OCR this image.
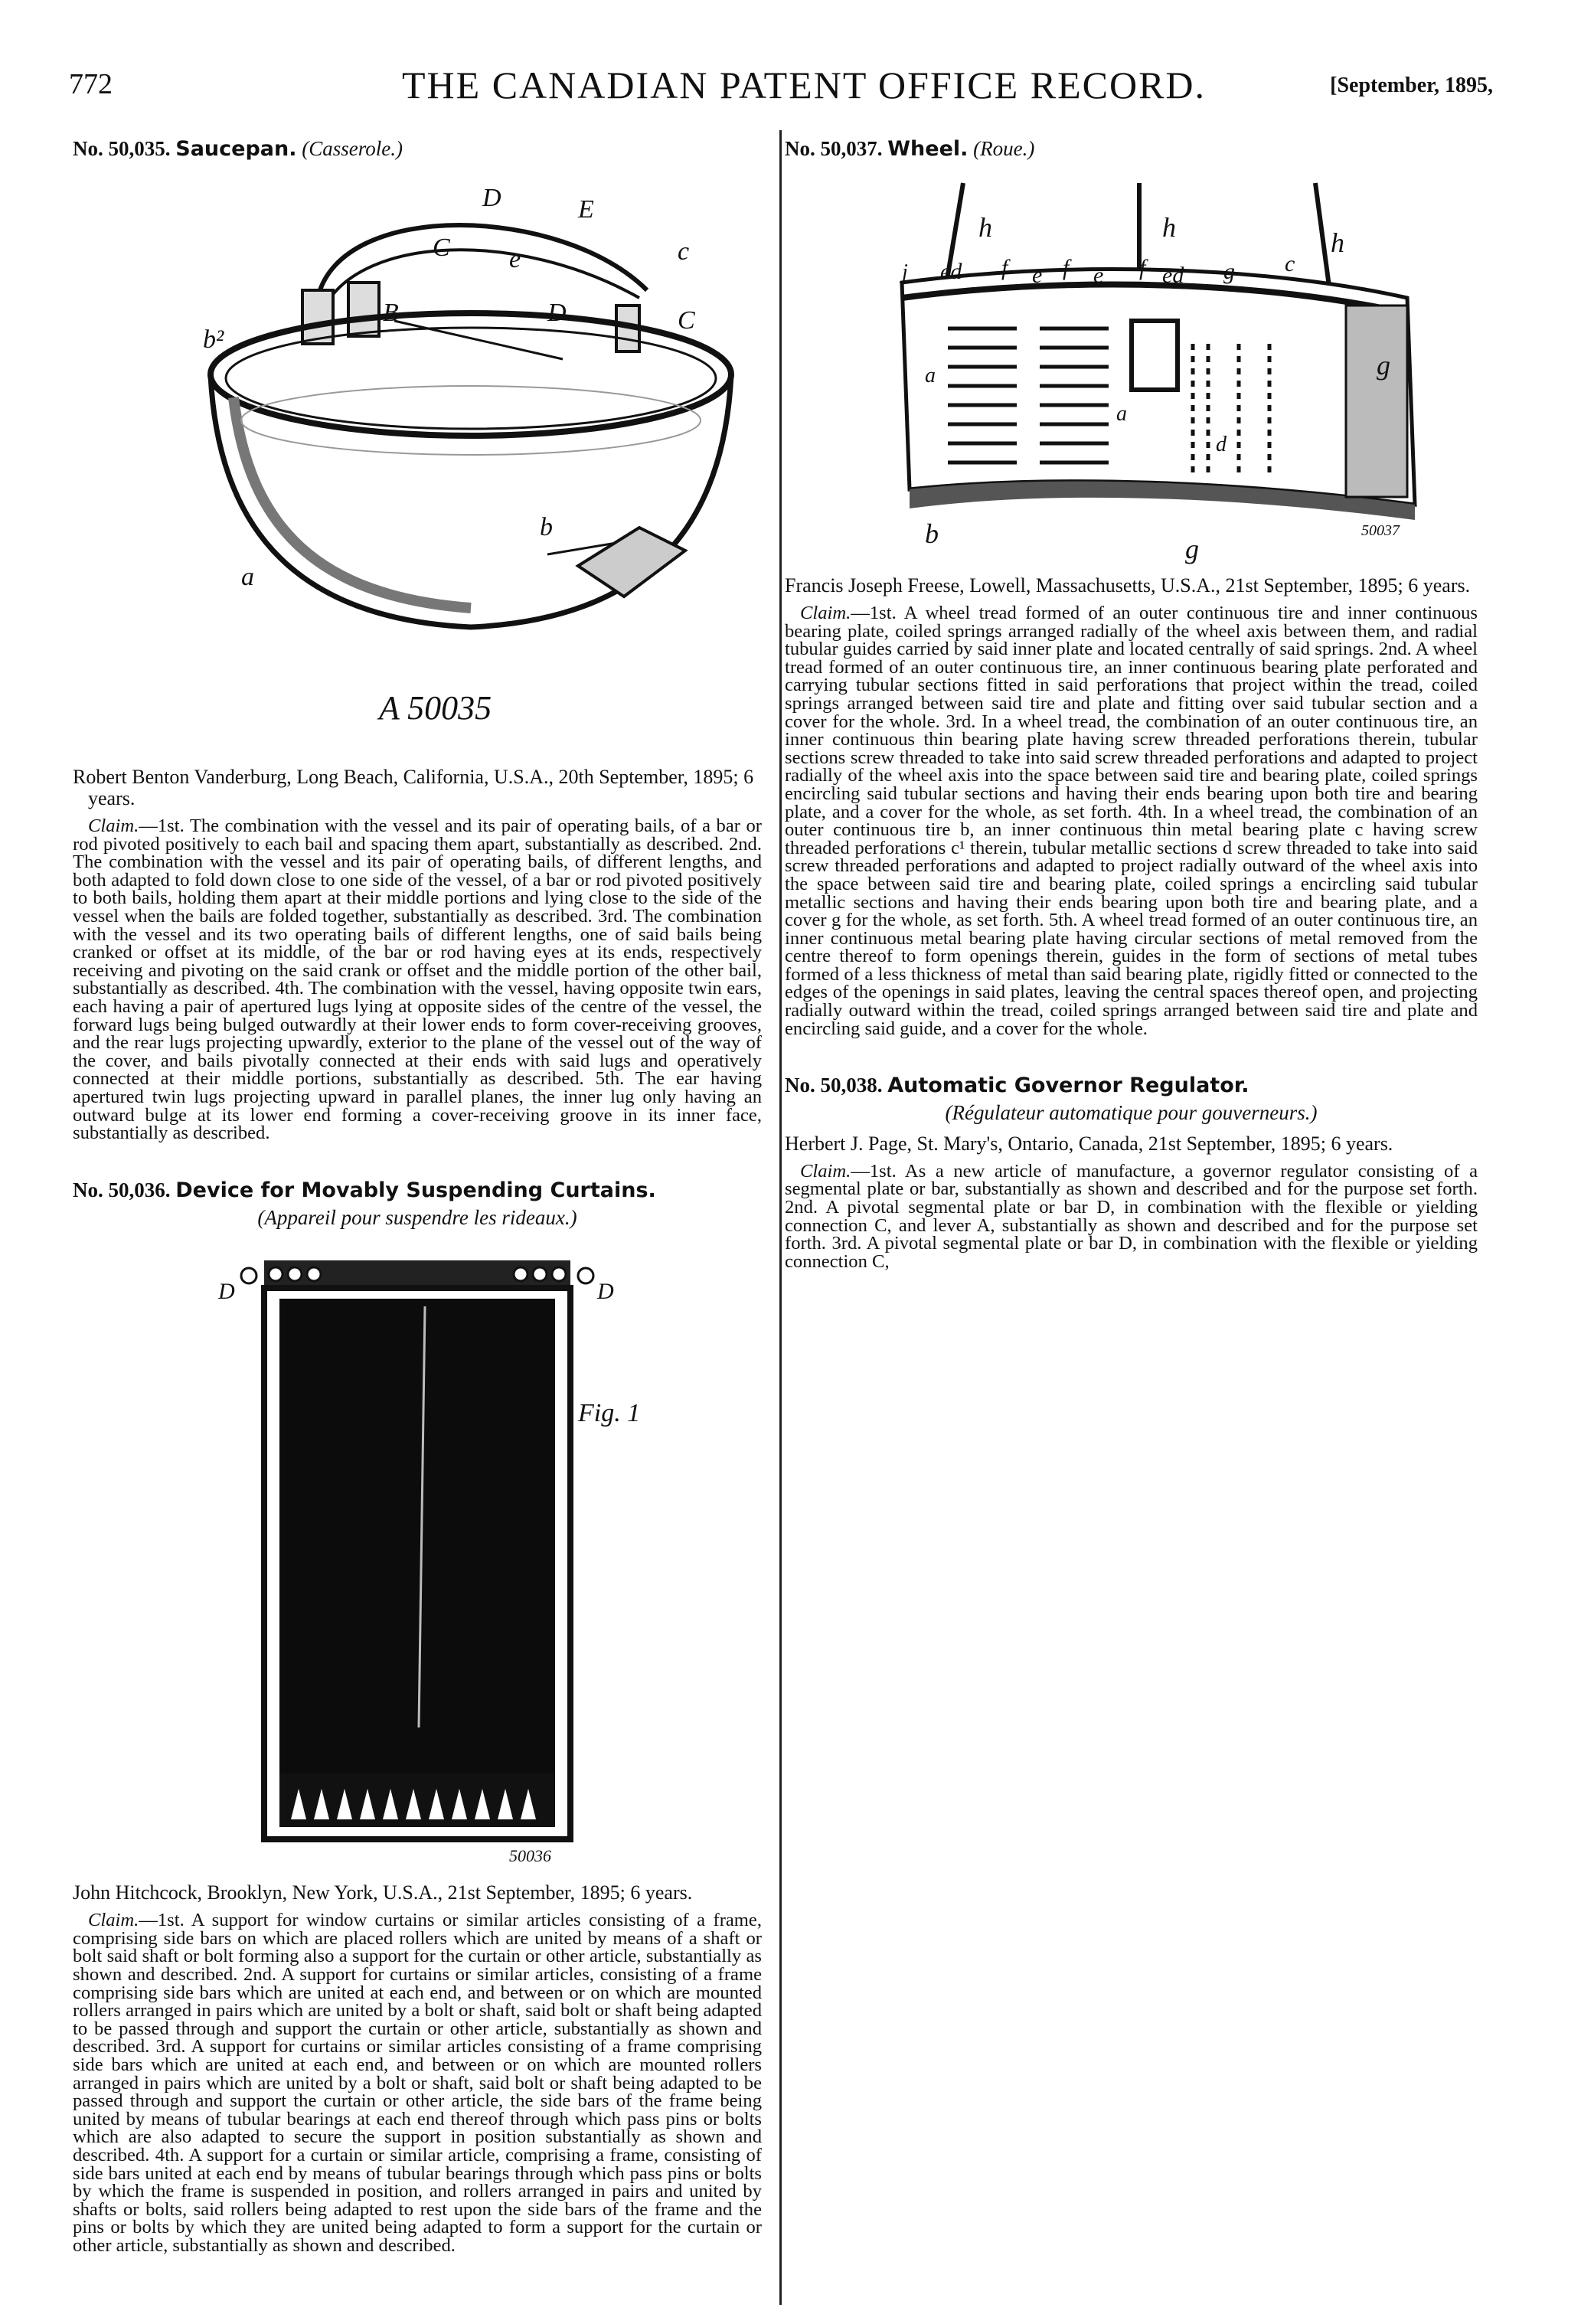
772	THE CANADIAN PATENT OFFICE RECORD.	[September, 1895,
No. 50,035. Saucepan. (Casserole.)
D	E
C e	c
b²
B	D	C
b
a
A 50035

Robert Benton Vanderburg, Long Beach, California, U.S.A., 20th September, 1895; 6 years.

Claim.—1st. The combination with the vessel and its pair of operating bails, of a bar or rod pivoted positively to each bail and spacing them apart, substantially as described. 2nd. The combination with the vessel and its pair of operating bails, of different lengths, and both adapted to fold down close to one side of the vessel, of a bar or rod pivoted positively to both bails, holding them apart at their middle portions and lying close to the side of the vessel when the bails are folded together, substantially as described. 3rd. The combination with the vessel and its two operating bails of different lengths, one of said bails being cranked or offset at its middle, of the bar or rod having eyes at its ends, respectively receiving and pivoting on the said crank or offset and the middle portion of the other bail, substantially as described. 4th. The combination with the vessel, having opposite twin ears, each having a pair of apertured lugs lying at opposite sides of the centre of the vessel, the forward lugs being bulged outwardly at their lower ends to form cover-receiving grooves, and the rear lugs projecting upwardly, exterior to the plane of the vessel out of the way of the cover, and bails pivotally connected at their ends with said lugs and operatively connected at their middle portions, substantially as described. 5th. The ear having apertured twin lugs projecting upward in parallel planes, the inner lug only having an outward bulge at its lower end forming a cover-receiving groove in its inner face, substantially as described.

No. 50,036. Device for Movably Suspending Curtains.
(Appareil pour suspendre les rideaux.)
D	D
Fig. 1
50036

John Hitchcock, Brooklyn, New York, U.S.A., 21st September, 1895; 6 years.

Claim.—1st. A support for window curtains or similar articles consisting of a frame, comprising side bars on which are placed rollers which are united by means of a shaft or bolt said shaft or bolt forming also a support for the curtain or other article, substantially as shown and described. 2nd. A support for curtains or similar articles, consisting of a frame comprising side bars which are united at each end, and between or on which are mounted rollers arranged in pairs which are united by a bolt or shaft, said bolt or shaft being adapted to be passed through and support the curtain or other article, substantially as shown and described. 3rd. A support for curtains or similar articles consisting of a frame comprising side bars which are united at each end, and between or on which are mounted rollers arranged in pairs which are united by a bolt or shaft, said bolt or shaft being adapted to be passed through and support the curtain or other article, the side bars of the frame being united by means of tubular bearings at each end thereof through which pass pins or bolts which are also adapted to secure the support in position substantially as shown and described. 4th. A support for a curtain or similar article, comprising a frame, consisting of side bars united at each end by means of tubular bearings through which pass pins or bolts by which the frame is suspended in position, and rollers arranged in pairs and united by shafts or bolts, said rollers being adapted to rest upon the side bars of the frame and the pins or bolts by which they are united being adapted to form a support for the curtain or other article, substantially as shown and described.

No. 50,037. Wheel. (Roue.)
h	h	h
j ed f e f e f ed g c
g
a
a
d
b	g
50037

Francis Joseph Freese, Lowell, Massachusetts, U.S.A., 21st September, 1895; 6 years.

Claim.—1st. A wheel tread formed of an outer continuous tire and inner continuous bearing plate, coiled springs arranged radially of the wheel axis between them, and radial tubular guides carried by said inner plate and located centrally of said springs. 2nd. A wheel tread formed of an outer continuous tire, an inner continuous bearing plate perforated and carrying tubular sections fitted in said perforations that project within the tread, coiled springs arranged between said tire and plate and fitting over said tubular section and a cover for the whole. 3rd. In a wheel tread, the combination of an outer continuous tire, an inner continuous thin bearing plate having screw threaded perforations therein, tubular sections screw threaded to take into said screw threaded perforations and adapted to project radially of the wheel axis into the space between said tire and bearing plate, coiled springs encircling said tubular sections and having their ends bearing upon both tire and bearing plate, and a cover for the whole, as set forth. 4th. In a wheel tread, the combination of an outer continuous tire b, an inner continuous thin metal bearing plate c having screw threaded perforations c¹ therein, tubular metallic sections d screw threaded to take into said screw threaded perforations and adapted to project radially outward of the wheel axis into the space between said tire and bearing plate, coiled springs a encircling said tubular metallic sections and having their ends bearing upon both tire and bearing plate, and a cover g for the whole, as set forth. 5th. A wheel tread formed of an outer continuous tire, an inner continuous metal bearing plate having circular sections of metal removed from the centre thereof to form openings therein, guides in the form of sections of metal tubes formed of a less thickness of metal than said bearing plate, rigidly fitted or connected to the edges of the openings in said plates, leaving the central spaces thereof open, and projecting radially outward within the tread, coiled springs arranged between said tire and plate and encircling said guide, and a cover for the whole.

No. 50,038. Automatic Governor Regulator.
(Régulateur automatique pour gouverneurs.)

Herbert J. Page, St. Mary's, Ontario, Canada, 21st September, 1895; 6 years.

Claim.—1st. As a new article of manufacture, a governor regulator consisting of a segmental plate or bar, substantially as shown and described and for the purpose set forth. 2nd. A pivotal segmental plate or bar D, in combination with the flexible or yielding connection C, and lever A, substantially as shown and described and for the purpose set forth. 3rd. A pivotal segmental plate or bar D, in combination with the flexible or yielding connection C,
